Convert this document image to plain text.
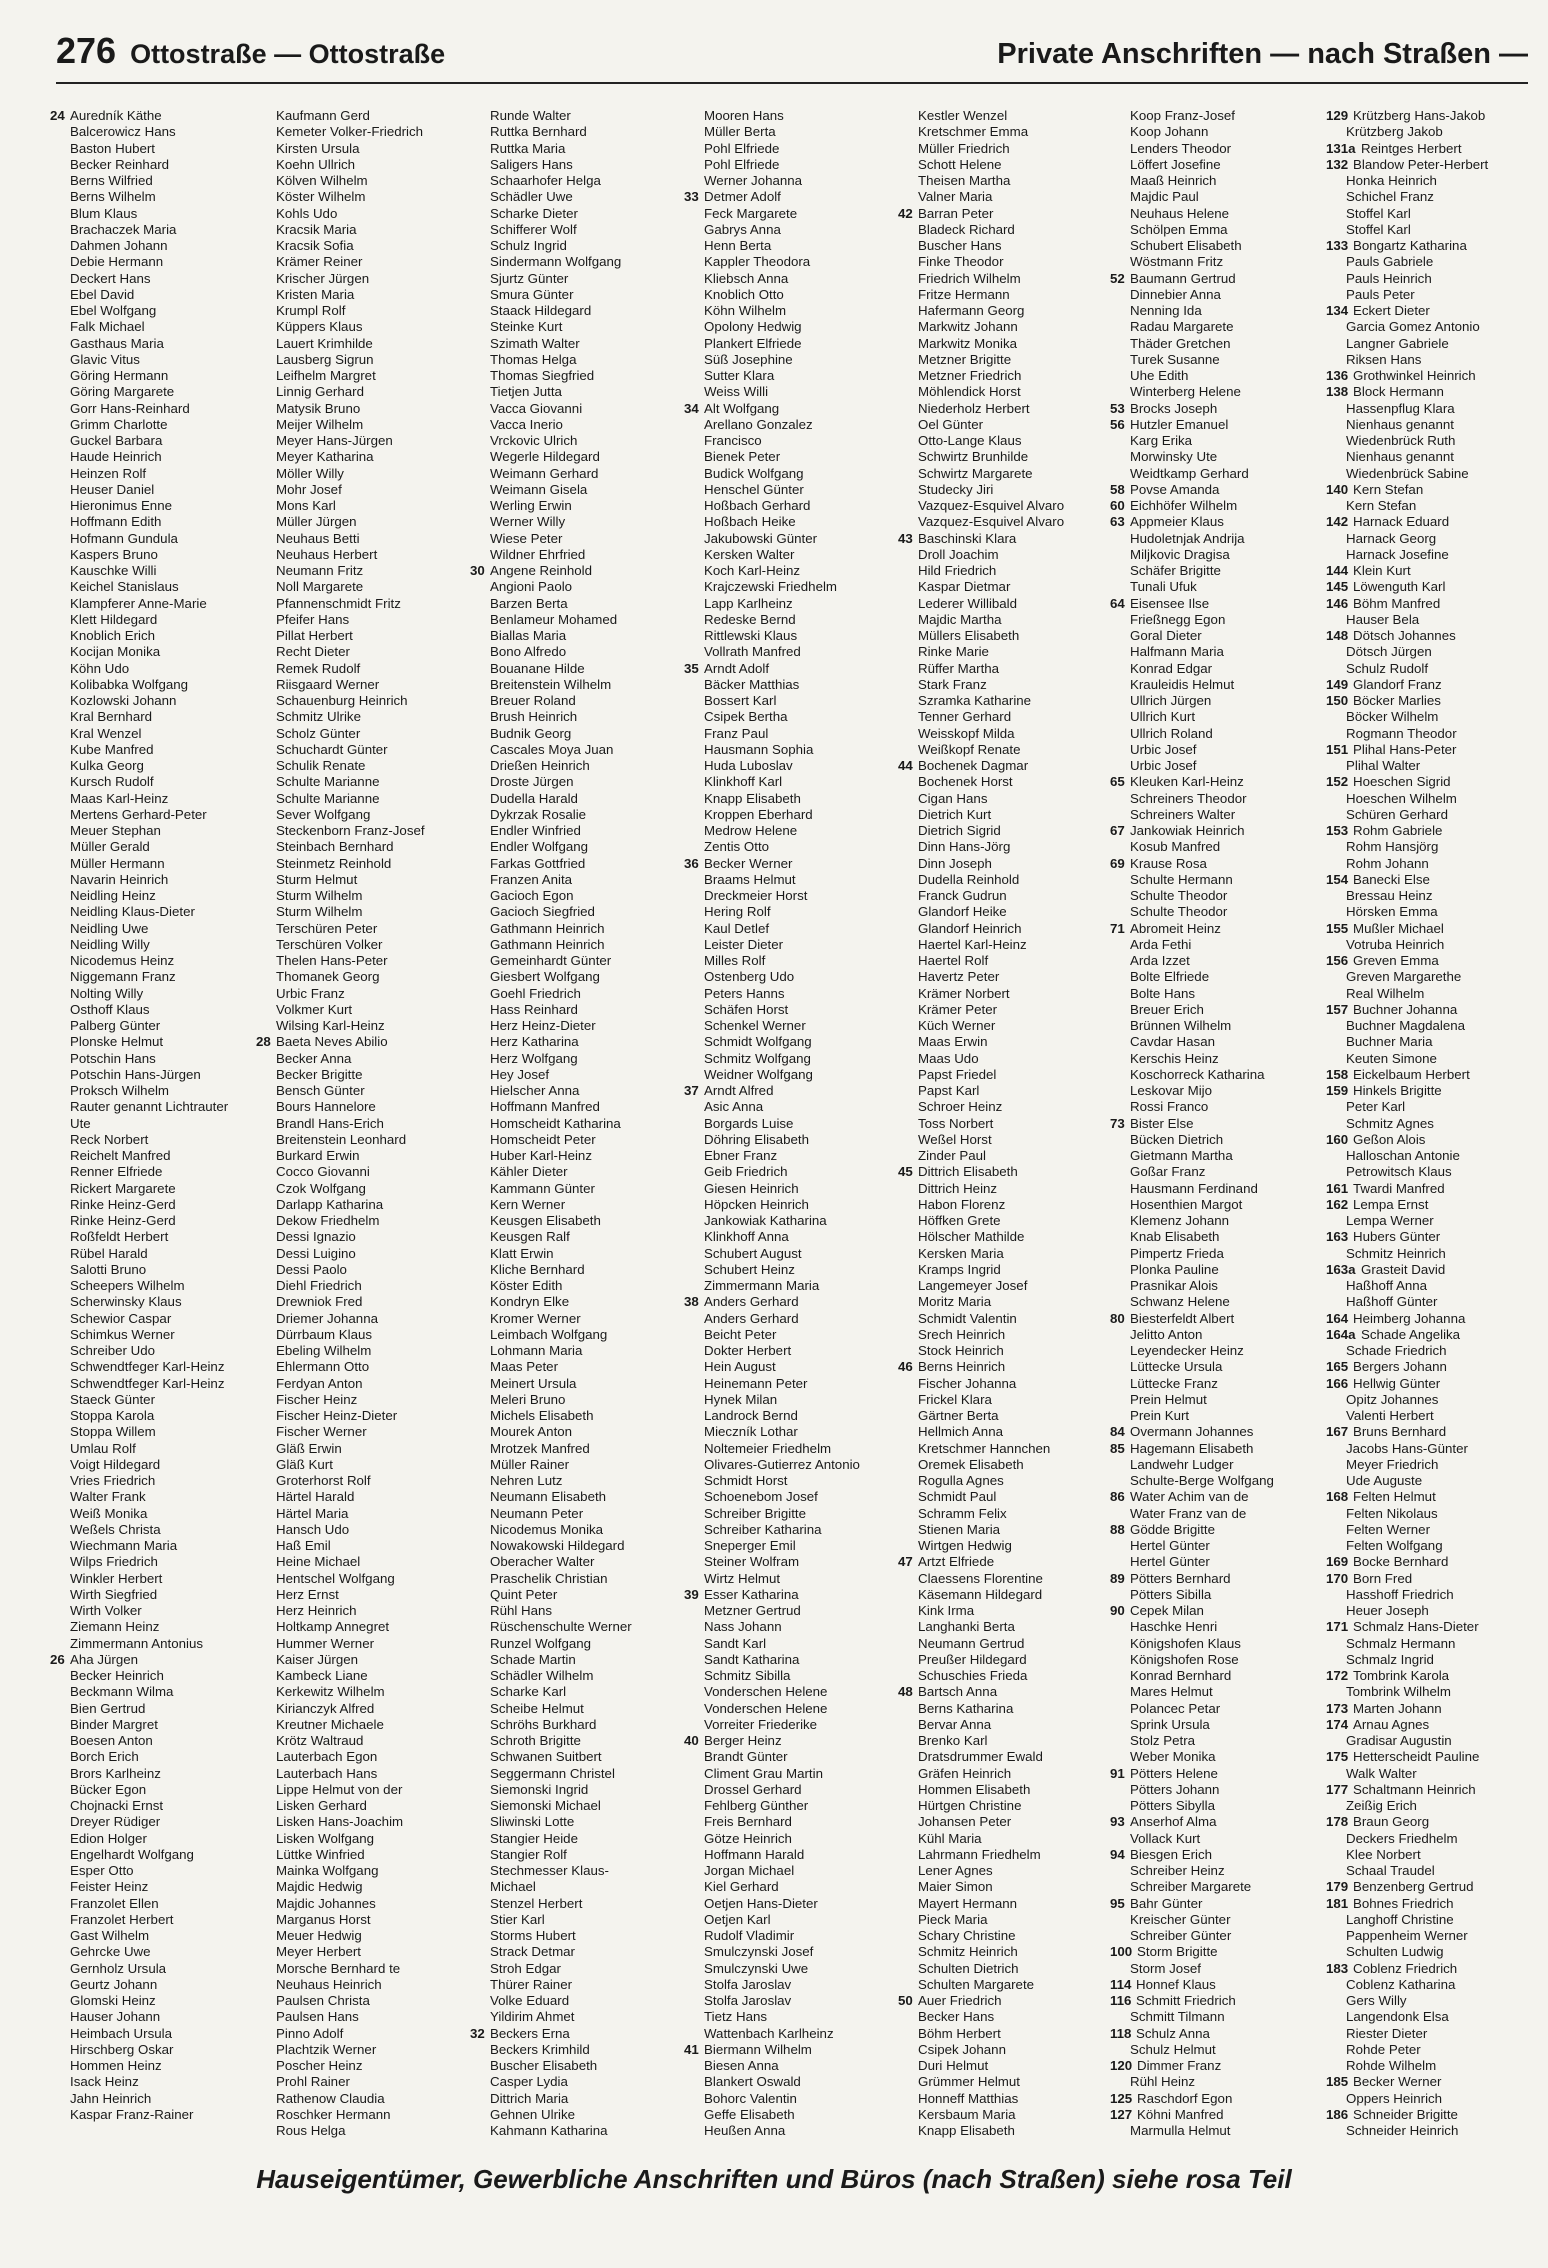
276 Ottostraße — Ottostraße	Private Anschriften — nach Straßen —
24 Auredník Käthe
Balcerowicz Hans
Baston Hubert
Becker Reinhard
Berns Wilfried
Berns Wilhelm
Blum Klaus
Brachaczek Maria
Dahmen Johann
Debie Hermann
Deckert Hans
Ebel David
Ebel Wolfgang
Falk Michael
Gasthaus Maria
Glavic Vitus
Göring Hermann
Göring Margarete
Gorr Hans-Reinhard
Grimm Charlotte
Guckel Barbara
Haude Heinrich
Heinzen Rolf
Heuser Daniel
Hieronimus Enne
Hoffmann Edith
Hofmann Gundula
Kaspers Bruno
Kauschke Willi
Keichel Stanislaus
Klampferer Anne-Marie
Klett Hildegard
Knoblich Erich
Kocijan Monika
Köhn Udo
Kolibabka Wolfgang
Kozlowski Johann
Kral Bernhard
Kral Wenzel
Kube Manfred
Kulka Georg
Kursch Rudolf
Maas Karl-Heinz
Mertens Gerhard-Peter
Meuer Stephan
Müller Gerald
Müller Hermann
Navarin Heinrich
Neidling Heinz
Neidling Klaus-Dieter
Neidling Uwe
Neidling Willy
Nicodemus Heinz
Niggemann Franz
Nolting Willy
Osthoff Klaus
Palberg Günter
Plonske Helmut
Potschin Hans
Potschin Hans-Jürgen
Proksch Wilhelm
Rauter genannt Lichtrauter
Ute
Reck Norbert
Reichelt Manfred
Renner Elfriede
Rickert Margarete
Rinke Heinz-Gerd
Rinke Heinz-Gerd
Roßfeldt Herbert
Rübel Harald
Salotti Bruno
Scheepers Wilhelm
Scherwinsky Klaus
Schewior Caspar
Schimkus Werner
Schreiber Udo
Schwendtfeger Karl-Heinz
Schwendtfeger Karl-Heinz
Staeck Günter
Stoppa Karola
Stoppa Willem
Umlau Rolf
Voigt Hildegard
Vries Friedrich
Walter Frank
Weiß Monika
Weßels Christa
Wiechmann Maria
Wilps Friedrich
Winkler Herbert
Wirth Siegfried
Wirth Volker
Ziemann Heinz
Zimmermann Antonius
26 Aha Jürgen
Becker Heinrich
Beckmann Wilma
Bien Gertrud
Binder Margret
Boesen Anton
Borch Erich
Brors Karlheinz
Bücker Egon
Chojnacki Ernst
Dreyer Rüdiger
Edion Holger
Engelhardt Wolfgang
Esper Otto
Feister Heinz
Franzolet Ellen
Franzolet Herbert
Gast Wilhelm
Gehrcke Uwe
Gernholz Ursula
Geurtz Johann
Glomski Heinz
Hauser Johann
Heimbach Ursula
Hirschberg Oskar
Hommen Heinz
Isack Heinz
Jahn Heinrich
Kaspar Franz-Rainer
Kaufmann Gerd
Kemeter Volker-Friedrich
Kirsten Ursula
Koehn Ullrich
Kölven Wilhelm
Köster Wilhelm
Kohls Udo
Kracsik Maria
Kracsik Sofia
Krämer Reiner
Krischer Jürgen
Kristen Maria
Krumpl Rolf
Küppers Klaus
Lauert Krimhilde
Lausberg Sigrun
Leifhelm Margret
Linnig Gerhard
Matysik Bruno
Meijer Wilhelm
Meyer Hans-Jürgen
Meyer Katharina
Möller Willy
Mohr Josef
Mons Karl
Müller Jürgen
Neuhaus Betti
Neuhaus Herbert
Neumann Fritz
Noll Margarete
Pfannenschmidt Fritz
Pfeifer Hans
Pillat Herbert
Recht Dieter
Remek Rudolf
Riisgaard Werner
Schauenburg Heinrich
Schmitz Ulrike
Scholz Günter
Schuchardt Günter
Schulik Renate
Schulte Marianne
Schulte Marianne
Sever Wolfgang
Steckenborn Franz-Josef
Steinbach Bernhard
Steinmetz Reinhold
Sturm Helmut
Sturm Wilhelm
Sturm Wilhelm
Terschüren Peter
Terschüren Volker
Thelen Hans-Peter
Thomanek Georg
Urbic Franz
Volkmer Kurt
Wilsing Karl-Heinz
28 Baeta Neves Abilio
Becker Anna
Becker Brigitte
Bensch Günter
Bours Hannelore
Brandl Hans-Erich
Breitenstein Leonhard
Burkard Erwin
Cocco Giovanni
Czok Wolfgang
Darlapp Katharina
Dekow Friedhelm
Dessi Ignazio
Dessi Luigino
Dessi Paolo
Diehl Friedrich
Drewniok Fred
Driemer Johanna
Dürrbaum Klaus
Ebeling Wilhelm
Ehlermann Otto
Ferdyan Anton
Fischer Heinz
Fischer Heinz-Dieter
Fischer Werner
Gläß Erwin
Gläß Kurt
Groterhorst Rolf
Härtel Harald
Härtel Maria
Hansch Udo
Haß Emil
Heine Michael
Hentschel Wolfgang
Herz Ernst
Herz Heinrich
Holtkamp Annegret
Hummer Werner
Kaiser Jürgen
Kambeck Liane
Kerkewitz Wilhelm
Kirianczyk Alfred
Kreutner Michaele
Krötz Waltraud
Lauterbach Egon
Lauterbach Hans
Lippe Helmut von der
Lisken Gerhard
Lisken Hans-Joachim
Lisken Wolfgang
Lüttke Winfried
Mainka Wolfgang
Majdic Hedwig
Majdic Johannes
Marganus Horst
Meuer Hedwig
Meyer Herbert
Morsche Bernhard te
Neuhaus Heinrich
Paulsen Christa
Paulsen Hans
Pinno Adolf
Plachtzik Werner
Poscher Heinz
Prohl Rainer
Rathenow Claudia
Roschker Hermann
Rous Helga
Runde Walter
Ruttka Bernhard
Ruttka Maria
Saligers Hans
Schaarhofer Helga
Schädler Uwe
Scharke Dieter
Schifferer Wolf
Schulz Ingrid
Sindermann Wolfgang
Sjurtz Günter
Smura Günter
Staack Hildegard
Steinke Kurt
Szimath Walter
Thomas Helga
Thomas Siegfried
Tietjen Jutta
Vacca Giovanni
Vacca Inerio
Vrckovic Ulrich
Wegerle Hildegard
Weimann Gerhard
Weimann Gisela
Werling Erwin
Werner Willy
Wiese Peter
Wildner Ehrfried
30 Angene Reinhold
Angioni Paolo
Barzen Berta
Benlameur Mohamed
Biallas Maria
Bono Alfredo
Bouanane Hilde
Breitenstein Wilhelm
Breuer Roland
Brush Heinrich
Budnik Georg
Cascales Moya Juan
Drießen Heinrich
Droste Jürgen
Dudella Harald
Dykrzak Rosalie
Endler Winfried
Endler Wolfgang
Farkas Gottfried
Franzen Anita
Gacioch Egon
Gacioch Siegfried
Gathmann Heinrich
Gathmann Heinrich
Gemeinhardt Günter
Giesbert Wolfgang
Goehl Friedrich
Hass Reinhard
Herz Heinz-Dieter
Herz Katharina
Herz Wolfgang
Hey Josef
Hielscher Anna
Hoffmann Manfred
Homscheidt Katharina
Homscheidt Peter
Huber Karl-Heinz
Kähler Dieter
Kammann Günter
Kern Werner
Keusgen Elisabeth
Keusgen Ralf
Klatt Erwin
Kliche Bernhard
Köster Edith
Kondryn Elke
Kromer Werner
Leimbach Wolfgang
Lohmann Maria
Maas Peter
Meinert Ursula
Meleri Bruno
Michels Elisabeth
Mourek Anton
Mrotzek Manfred
Müller Rainer
Nehren Lutz
Neumann Elisabeth
Neumann Peter
Nicodemus Monika
Nowakowski Hildegard
Oberacher Walter
Praschelik Christian
Quint Peter
Rühl Hans
Rüschenschulte Werner
Runzel Wolfgang
Schade Martin
Schädler Wilhelm
Scharke Karl
Scheibe Helmut
Schröhs Burkhard
Schroth Brigitte
Schwanen Suitbert
Seggermann Christel
Siemonski Ingrid
Siemonski Michael
Sliwinski Lotte
Stangier Heide
Stangier Rolf
Stechmesser Klaus-
Michael
Stenzel Herbert
Stier Karl
Storms Hubert
Strack Detmar
Stroh Edgar
Thürer Rainer
Volke Eduard
Yildirim Ahmet
32 Beckers Erna
Beckers Krimhild
Buscher Elisabeth
Casper Lydia
Dittrich Maria
Gehnen Ulrike
Kahmann Katharina
Mooren Hans
Müller Berta
Pohl Elfriede
Pohl Elfriede
Werner Johanna
33 Detmer Adolf
Feck Margarete
Gabrys Anna
Henn Berta
Kappler Theodora
Kliebsch Anna
Knoblich Otto
Köhn Wilhelm
Opolony Hedwig
Plankert Elfriede
Süß Josephine
Sutter Klara
Weiss Willi
34 Alt Wolfgang
Arellano Gonzalez
Francisco
Bienek Peter
Budick Wolfgang
Henschel Günter
Hoßbach Gerhard
Hoßbach Heike
Jakubowski Günter
Kersken Walter
Koch Karl-Heinz
Krajczewski Friedhelm
Lapp Karlheinz
Redeske Bernd
Rittlewski Klaus
Vollrath Manfred
35 Arndt Adolf
Bäcker Matthias
Bossert Karl
Csipek Bertha
Franz Paul
Hausmann Sophia
Huda Luboslav
Klinkhoff Karl
Knapp Elisabeth
Kroppen Eberhard
Medrow Helene
Zentis Otto
36 Becker Werner
Braams Helmut
Dreckmeier Horst
Hering Rolf
Kaul Detlef
Leister Dieter
Milles Rolf
Ostenberg Udo
Peters Hanns
Schäfen Horst
Schenkel Werner
Schmidt Wolfgang
Schmitz Wolfgang
Weidner Wolfgang
37 Arndt Alfred
Asic Anna
Borgards Luise
Döhring Elisabeth
Ebner Franz
Geib Friedrich
Giesen Heinrich
Höpcken Heinrich
Jankowiak Katharina
Klinkhoff Anna
Schubert August
Schubert Heinz
Zimmermann Maria
38 Anders Gerhard
Anders Gerhard
Beicht Peter
Dokter Herbert
Hein August
Heinemann Peter
Hynek Milan
Landrock Bernd
Mieczník Lothar
Noltemeier Friedhelm
Olivares-Gutierrez Antonio
Schmidt Horst
Schoenebom Josef
Schreiber Brigitte
Schreiber Katharina
Sneperger Emil
Steiner Wolfram
Wirtz Helmut
39 Esser Katharina
Metzner Gertrud
Nass Johann
Sandt Karl
Sandt Katharina
Schmitz Sibilla
Vonderschen Helene
Vonderschen Helene
Vorreiter Friederike
40 Berger Heinz
Brandt Günter
Climent Grau Martin
Drossel Gerhard
Fehlberg Günther
Freis Bernhard
Götze Heinrich
Hoffmann Harald
Jorgan Michael
Kiel Gerhard
Oetjen Hans-Dieter
Oetjen Karl
Rudolf Vladimir
Smulczynski Josef
Smulczynski Uwe
Stolfa Jaroslav
Stolfa Jaroslav
Tietz Hans
Wattenbach Karlheinz
41 Biermann Wilhelm
Biesen Anna
Blankert Oswald
Bohorc Valentin
Geffe Elisabeth
Heußen Anna
Kestler Wenzel
Kretschmer Emma
Müller Friedrich
Schott Helene
Theisen Martha
Valner Maria
42 Barran Peter
Bladeck Richard
Buscher Hans
Finke Theodor
Friedrich Wilhelm
Fritze Hermann
Hafermann Georg
Markwitz Johann
Markwitz Monika
Metzner Brigitte
Metzner Friedrich
Möhlendick Horst
Niederholz Herbert
Oel Günter
Otto-Lange Klaus
Schwirtz Brunhilde
Schwirtz Margarete
Studecky Jiri
Vazquez-Esquivel Alvaro
Vazquez-Esquivel Alvaro
43 Baschinski Klara
Droll Joachim
Hild Friedrich
Kaspar Dietmar
Lederer Willibald
Majdic Martha
Müllers Elisabeth
Rinke Marie
Rüffer Martha
Stark Franz
Szramka Katharine
Tenner Gerhard
Weisskopf Milda
Weißkopf Renate
44 Bochenek Dagmar
Bochenek Horst
Cigan Hans
Dietrich Kurt
Dietrich Sigrid
Dinn Hans-Jörg
Dinn Joseph
Dudella Reinhold
Franck Gudrun
Glandorf Heike
Glandorf Heinrich
Haertel Karl-Heinz
Haertel Rolf
Havertz Peter
Krämer Norbert
Krämer Peter
Küch Werner
Maas Erwin
Maas Udo
Papst Friedel
Papst Karl
Schroer Heinz
Toss Norbert
Weßel Horst
Zinder Paul
45 Dittrich Elisabeth
Dittrich Heinz
Habon Florenz
Höffken Grete
Hölscher Mathilde
Kersken Maria
Kramps Ingrid
Langemeyer Josef
Moritz Maria
Schmidt Valentin
Srech Heinrich
Stock Heinrich
46 Berns Heinrich
Fischer Johanna
Frickel Klara
Gärtner Berta
Hellmich Anna
Kretschmer Hannchen
Oremek Elisabeth
Rogulla Agnes
Schmidt Paul
Schramm Felix
Stienen Maria
Wirtgen Hedwig
47 Artzt Elfriede
Claessens Florentine
Käsemann Hildegard
Kink Irma
Langhanki Berta
Neumann Gertrud
Preußer Hildegard
Schuschies Frieda
48 Bartsch Anna
Berns Katharina
Bervar Anna
Brenko Karl
Dratsdrummer Ewald
Gräfen Heinrich
Hommen Elisabeth
Hürtgen Christine
Johansen Peter
Kühl Maria
Lahrmann Friedhelm
Lener Agnes
Maier Simon
Mayert Hermann
Pieck Maria
Schary Christine
Schmitz Heinrich
Schulten Dietrich
Schulten Margarete
50 Auer Friedrich
Becker Hans
Böhm Herbert
Csipek Johann
Duri Helmut
Grümmer Helmut
Honneff Matthias
Kersbaum Maria
Knapp Elisabeth
Koop Franz-Josef
Koop Johann
Lenders Theodor
Löffert Josefine
Maaß Heinrich
Majdic Paul
Neuhaus Helene
Schölpen Emma
Schubert Elisabeth
Wöstmann Fritz
52 Baumann Gertrud
Dinnebier Anna
Nenning Ida
Radau Margarete
Thäder Gretchen
Turek Susanne
Uhe Edith
Winterberg Helene
53 Brocks Joseph
56 Hutzler Emanuel
Karg Erika
Morwinsky Ute
Weidtkamp Gerhard
58 Povse Amanda
60 Eichhöfer Wilhelm
63 Appmeier Klaus
Hudoletnjak Andrija
Miljkovic Dragisa
Schäfer Brigitte
Tunali Ufuk
64 Eisensee Ilse
Frießnegg Egon
Goral Dieter
Halfmann Maria
Konrad Edgar
Kraulеidis Helmut
Ullrich Jürgen
Ullrich Kurt
Ullrich Roland
Urbic Josef
Urbic Josef
65 Kleuken Karl-Heinz
Schreiners Theodor
Schreiners Walter
67 Jankowiak Heinrich
Kosub Manfred
69 Krause Rosa
Schulte Hermann
Schulte Theodor
Schulte Theodor
71 Abromeit Heinz
Arda Fethi
Arda Izzet
Bolte Elfriede
Bolte Hans
Breuer Erich
Brünnen Wilhelm
Cavdar Hasan
Kerschis Heinz
Koschorreck Katharina
Leskovar Mijo
Rossi Franco
73 Bister Else
Bücken Dietrich
Gietmann Martha
Goßar Franz
Hausmann Ferdinand
Hosenthien Margot
Klemenz Johann
Knab Elisabeth
Pimpertz Frieda
Plonka Pauline
Prasnikar Alois
Schwanz Helene
80 Biesterfeldt Albert
Jelitto Anton
Leyendecker Heinz
Lüttecke Ursula
Lüttecke Franz
Prein Helmut
Prein Kurt
84 Overmann Johannes
85 Hagemann Elisabeth
Landwehr Ludger
Schulte-Berge Wolfgang
86 Water Achim van de
Water Franz van de
88 Gödde Brigitte
Hertel Günter
Hertel Günter
89 Pötters Bernhard
Pötters Sibilla
90 Cepek Milan
Haschke Henri
Königshofen Klaus
Königshofen Rose
Konrad Bernhard
Mares Helmut
Polancec Petar
Sprink Ursula
Stolz Petra
Weber Monika
91 Pötters Helene
Pötters Johann
Pötters Sibylla
93 Anserhof Alma
Vollack Kurt
94 Biesgen Erich
Schreiber Heinz
Schreiber Margarete
95 Bahr Günter
Kreischer Günter
Schreiber Günter
100 Storm Brigitte
Storm Josef
114 Honnef Klaus
116 Schmitt Friedrich
Schmitt Tilmann
118 Schulz Anna
Schulz Helmut
120 Dimmer Franz
Rühl Heinz
125 Raschdorf Egon
127 Köhni Manfred
Marmulla Helmut
129 Krützberg Hans-Jakob
Krützberg Jakob
131a Reintges Herbert
132 Blandow Peter-Herbert
Honka Heinrich
Schichel Franz
Stoffel Karl
Stoffel Karl
133 Bongartz Katharina
Pauls Gabriele
Pauls Heinrich
Pauls Peter
134 Eckert Dieter
Garcia Gomez Antonio
Langner Gabriele
Riksen Hans
136 Grothwinkel Heinrich
138 Block Hermann
Hassenpflug Klara
Nienhaus genannt
Wiedenbrück Ruth
Nienhaus genannt
Wiedenbrück Sabine
140 Kern Stefan
Kern Stefan
142 Harnack Eduard
Harnack Georg
Harnack Josefine
144 Klein Kurt
145 Löwenguth Karl
146 Böhm Manfred
Hauser Bela
148 Dötsch Johannes
Dötsch Jürgen
Schulz Rudolf
149 Glandorf Franz
150 Böcker Marlies
Böcker Wilhelm
Rogmann Theodor
151 Plihal Hans-Peter
Plihal Walter
152 Hoeschen Sigrid
Hoeschen Wilhelm
Schüren Gerhard
153 Rohm Gabriele
Rohm Hansjörg
Rohm Johann
154 Banecki Else
Bressau Heinz
Hörsken Emma
155 Mußler Michael
Votruba Heinrich
156 Greven Emma
Greven Margarethe
Real Wilhelm
157 Buchner Johanna
Buchner Magdalena
Buchner Maria
Keuten Simone
158 Eickelbaum Herbert
159 Hinkels Brigitte
Peter Karl
Schmitz Agnes
160 Geßon Alois
Halloschan Antonie
Petrowitsch Klaus
161 Twardi Manfred
162 Lempa Ernst
Lempa Werner
163 Hubers Günter
Schmitz Heinrich
163a Grasteit David
Haßhoff Anna
Haßhoff Günter
164 Heimberg Johanna
164a Schade Angelika
Schade Friedrich
165 Bergers Johann
166 Hellwig Günter
Opitz Johannes
Valenti Herbert
167 Bruns Bernhard
Jacobs Hans-Günter
Meyer Friedrich
Ude Auguste
168 Felten Helmut
Felten Nikolaus
Felten Werner
Felten Wolfgang
169 Bocke Bernhard
170 Born Fred
Hasshoff Friedrich
Heuer Joseph
171 Schmalz Hans-Dieter
Schmalz Hermann
Schmalz Ingrid
172 Tombrink Karola
Tombrink Wilhelm
173 Marten Johann
174 Arnau Agnes
Gradisar Augustin
175 Hetterscheidt Pauline
Walk Walter
177 Schaltmann Heinrich
Zeißig Erich
178 Braun Georg
Deckers Friedhelm
Klee Norbert
Schaal Traudel
179 Benzenberg Gertrud
181 Bohnes Friedrich
Langhoff Christine
Pappenheim Werner
Schulten Ludwig
183 Coblenz Friedrich
Coblenz Katharina
Gers Willy
Langendonk Elsa
Riester Dieter
Rohde Peter
Rohde Wilhelm
185 Becker Werner
Oppers Heinrich
186 Schneider Brigitte
Schneider Heinrich
Hauseigentümer, Gewerbliche Anschriften und Büros (nach Straßen) siehe rosa Teil
